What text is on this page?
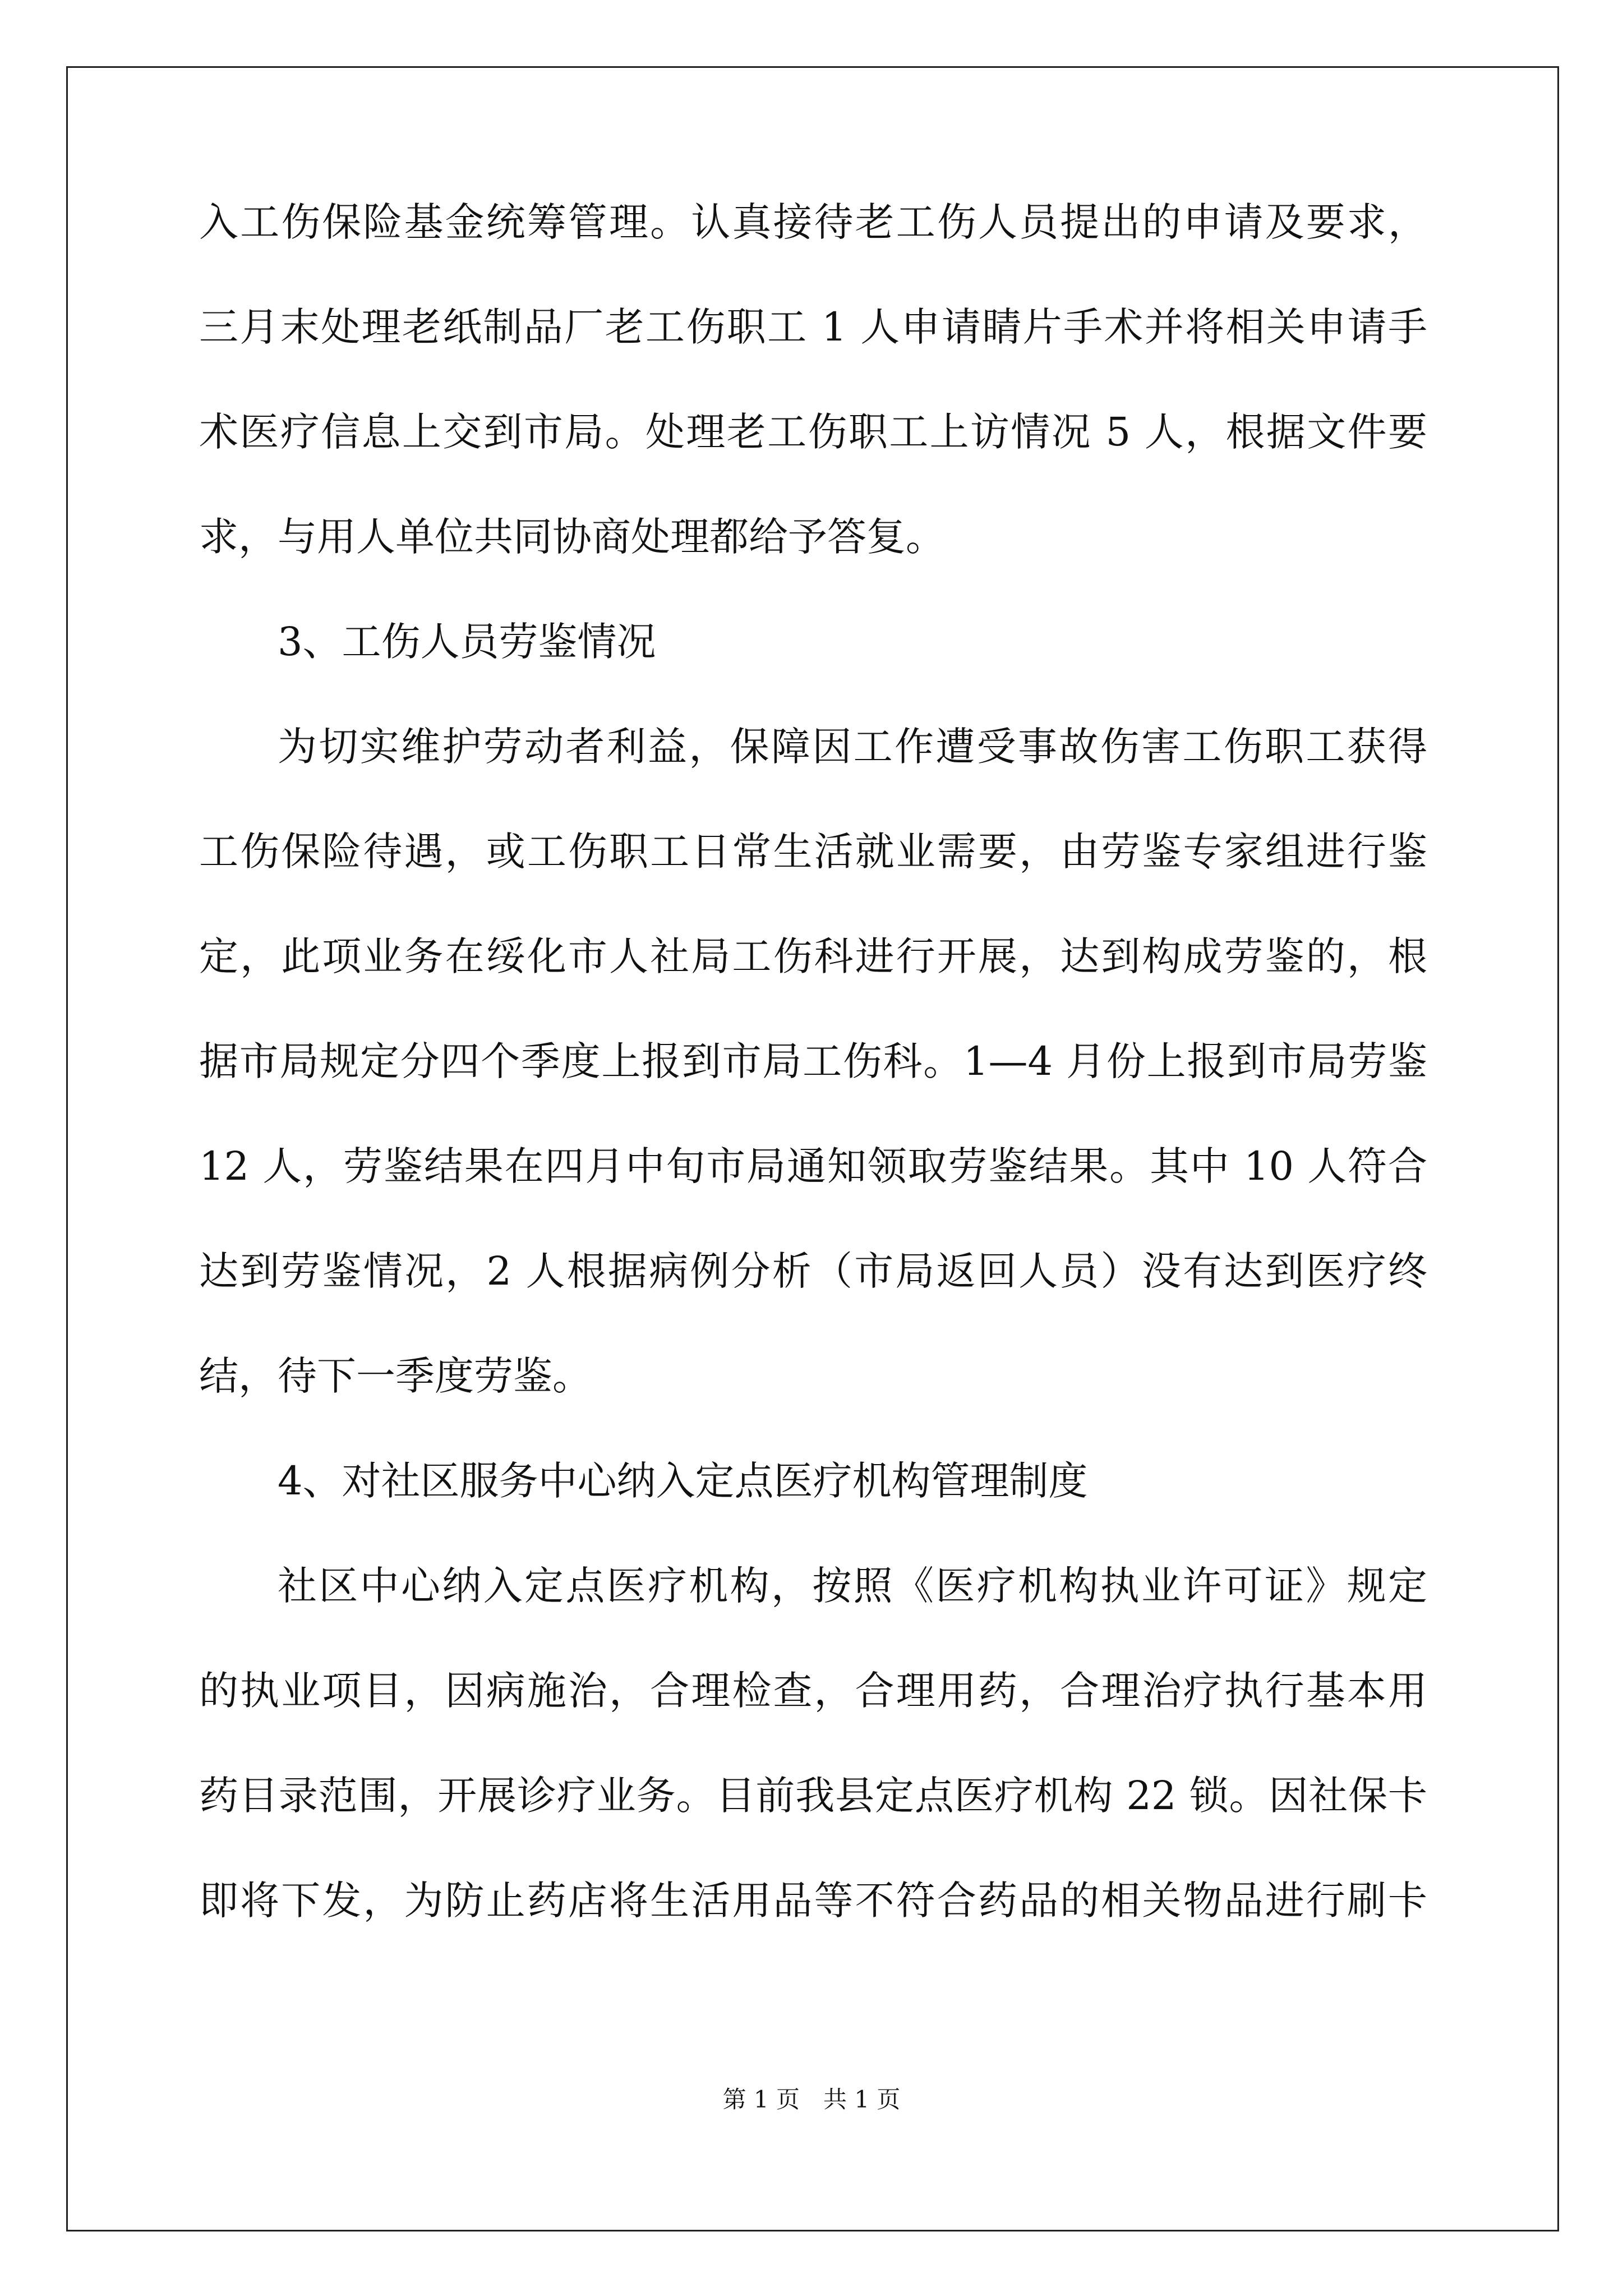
入工伤保险基金统筹管理。认真接待老工伤人员提出的申请及要求，
三月末处理老纸制品厂老工伤职工 1 人申请睛片手术并将相关申请手
术医疗信息上交到市局。处理老工伤职工上访情况 5 人，根据文件要
求，与用人单位共同协商处理都给予答复。
3、工伤人员劳鉴情况
为切实维护劳动者利益，保障因工作遭受事故伤害工伤职工获得
工伤保险待遇，或工伤职工日常生活就业需要，由劳鉴专家组进行鉴
定，此项业务在绥化市人社局工伤科进行开展，达到构成劳鉴的，根
据市局规定分四个季度上报到市局工伤科。1—4 月份上报到市局劳鉴
12 人，劳鉴结果在四月中旬市局通知领取劳鉴结果。其中 10 人符合
达到劳鉴情况，2 人根据病例分析（市局返回人员）没有达到医疗终
结，待下一季度劳鉴。
4、对社区服务中心纳入定点医疗机构管理制度
社区中心纳入定点医疗机构，按照《医疗机构执业许可证》规定
的执业项目，因病施治，合理检查，合理用药，合理治疗执行基本用
药目录范围，开展诊疗业务。目前我县定点医疗机构 22 锁。因社保卡
即将下发，为防止药店将生活用品等不符合药品的相关物品进行刷卡
第 1 页　共 1 页
